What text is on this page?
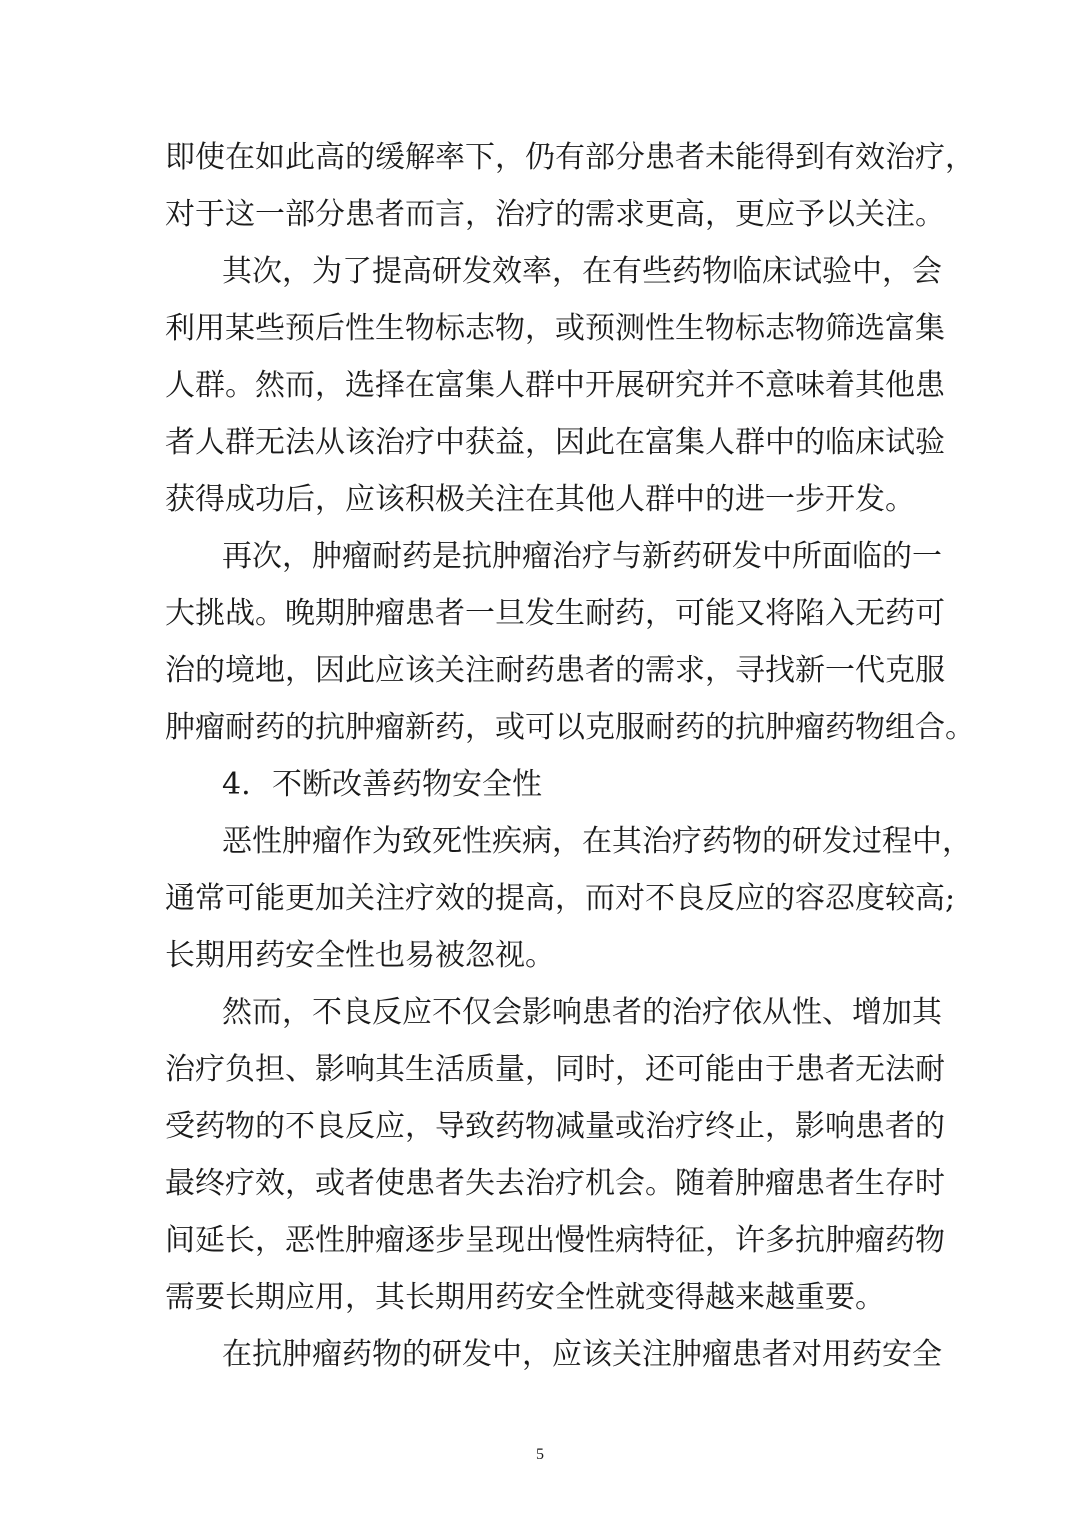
即使在如此高的缓解率下，仍有部分患者未能得到有效治疗，
对于这一部分患者而言，治疗的需求更高，更应予以关注。
其次，为了提高研发效率，在有些药物临床试验中，会
利用某些预后性生物标志物，或预测性生物标志物筛选富集
人群。然而，选择在富集人群中开展研究并不意味着其他患
者人群无法从该治疗中获益，因此在富集人群中的临床试验
获得成功后，应该积极关注在其他人群中的进一步开发。
再次，肿瘤耐药是抗肿瘤治疗与新药研发中所面临的一
大挑战。晚期肿瘤患者一旦发生耐药，可能又将陷入无药可
治的境地，因此应该关注耐药患者的需求，寻找新一代克服
肿瘤耐药的抗肿瘤新药，或可以克服耐药的抗肿瘤药物组合。
4. 不断改善药物安全性
恶性肿瘤作为致死性疾病，在其治疗药物的研发过程中，
通常可能更加关注疗效的提高，而对不良反应的容忍度较高;
长期用药安全性也易被忽视。
然而，不良反应不仅会影响患者的治疗依从性、增加其
治疗负担、影响其生活质量，同时，还可能由于患者无法耐
受药物的不良反应，导致药物减量或治疗终止，影响患者的
最终疗效，或者使患者失去治疗机会。随着肿瘤患者生存时
间延长，恶性肿瘤逐步呈现出慢性病特征，许多抗肿瘤药物
需要长期应用，其长期用药安全性就变得越来越重要。
在抗肿瘤药物的研发中，应该关注肿瘤患者对用药安全
5
